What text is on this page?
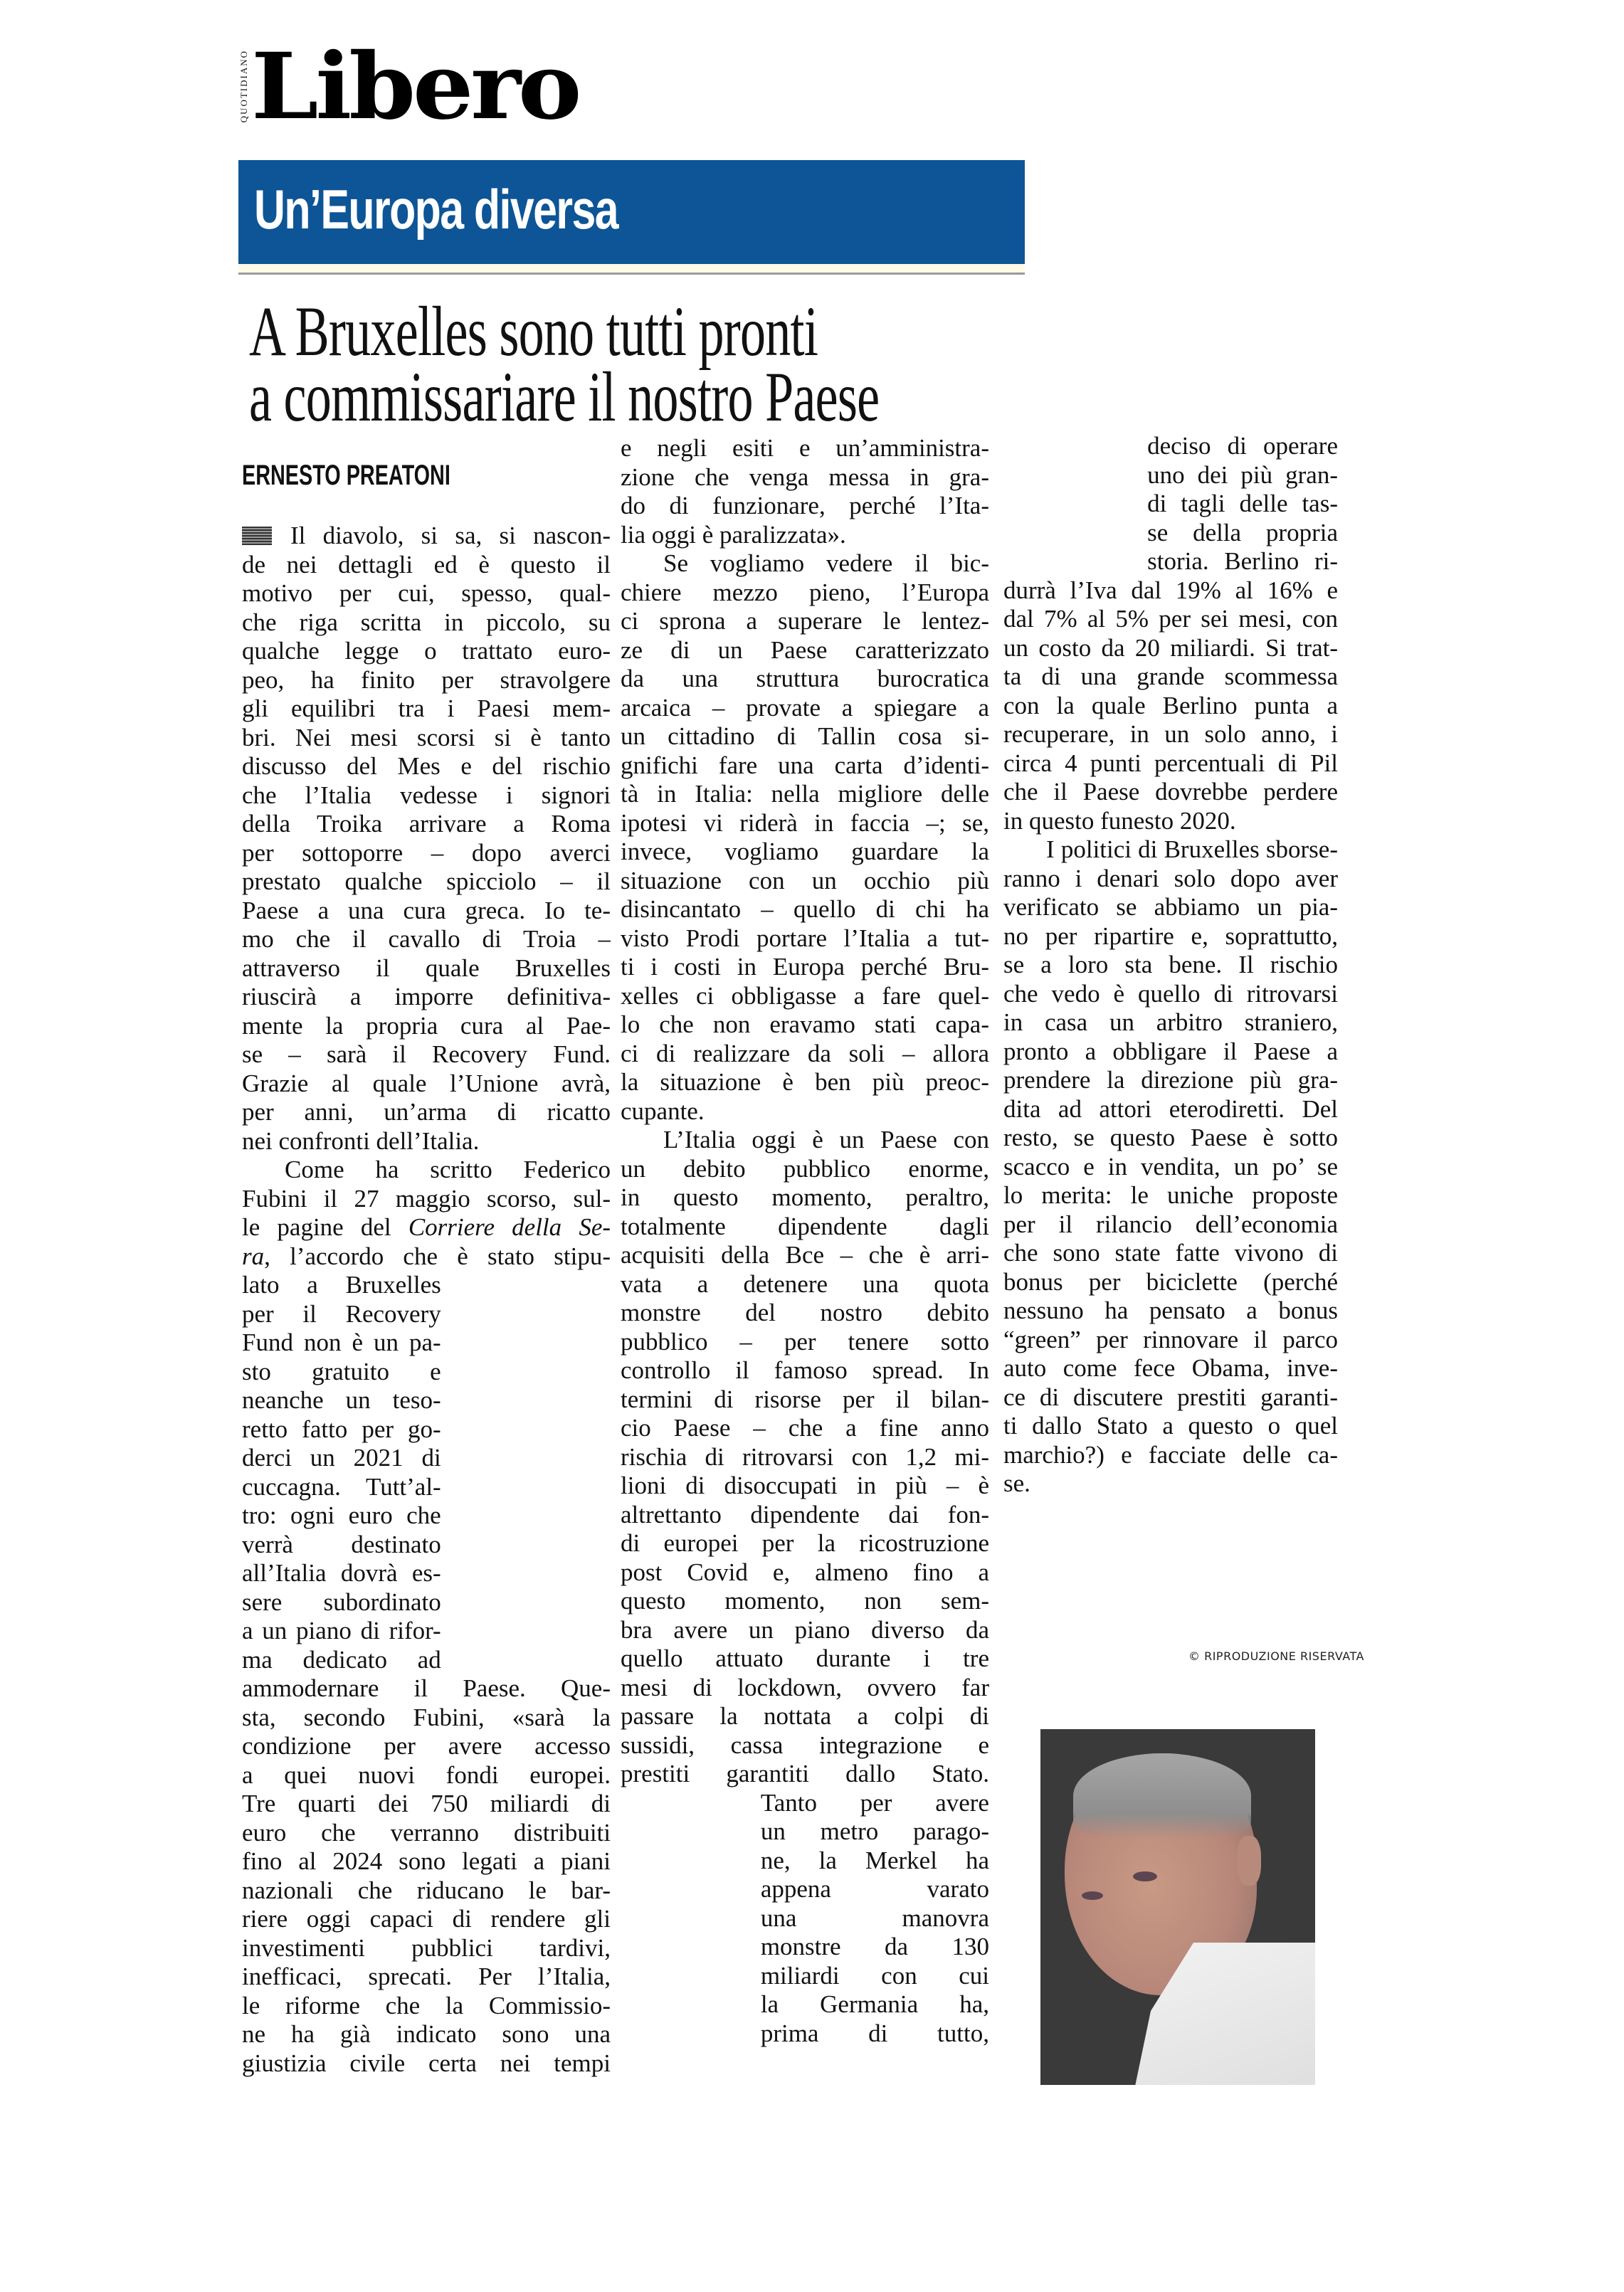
QUOTIDIANO Libero
Un’Europa diversa
A Bruxelles sono tutti pronti
a commissariare il nostro Paese
ERNESTO PREATONI
Il diavolo, si sa, si nascon-
de nei dettagli ed è questo il
motivo per cui, spesso, qual-
che riga scritta in piccolo, su
qualche legge o trattato euro-
peo, ha finito per stravolgere
gli equilibri tra i Paesi mem-
bri. Nei mesi scorsi si è tanto
discusso del Mes e del rischio
che l’Italia vedesse i signori
della Troika arrivare a Roma
per sottoporre – dopo averci
prestato qualche spicciolo – il
Paese a una cura greca. Io te-
mo che il cavallo di Troia –
attraverso il quale Bruxelles
riuscirà a imporre definitiva-
mente la propria cura al Pae-
se – sarà il Recovery Fund.
Grazie al quale l’Unione avrà,
per anni, un’arma di ricatto
nei confronti dell’Italia.
Come ha scritto Federico
Fubini il 27 maggio scorso, sul-
le pagine del Corriere della Se-
ra, l’accordo che è stato stipu-
lato a Bruxelles
per il Recovery
Fund non è un pa-
sto gratuito e
neanche un teso-
retto fatto per go-
derci un 2021 di
cuccagna. Tutt’al-
tro: ogni euro che
verrà destinato
all’Italia dovrà es-
sere subordinato
a un piano di rifor-
ma dedicato ad
ammodernare il Paese. Que-
sta, secondo Fubini, «sarà la
condizione per avere accesso
a quei nuovi fondi europei.
Tre quarti dei 750 miliardi di
euro che verranno distribuiti
fino al 2024 sono legati a piani
nazionali che riducano le bar-
riere oggi capaci di rendere gli
investimenti pubblici tardivi,
inefficaci, sprecati. Per l’Italia,
le riforme che la Commissio-
ne ha già indicato sono una
giustizia civile certa nei tempi
e negli esiti e un’amministra-
zione che venga messa in gra-
do di funzionare, perché l’Ita-
lia oggi è paralizzata».
Se vogliamo vedere il bic-
chiere mezzo pieno, l’Europa
ci sprona a superare le lentez-
ze di un Paese caratterizzato
da una struttura burocratica
arcaica – provate a spiegare a
un cittadino di Tallin cosa si-
gnifichi fare una carta d’identi-
tà in Italia: nella migliore delle
ipotesi vi riderà in faccia –; se,
invece, vogliamo guardare la
situazione con un occhio più
disincantato – quello di chi ha
visto Prodi portare l’Italia a tut-
ti i costi in Europa perché Bru-
xelles ci obbligasse a fare quel-
lo che non eravamo stati capa-
ci di realizzare da soli – allora
la situazione è ben più preoc-
cupante.
L’Italia oggi è un Paese con
un debito pubblico enorme,
in questo momento, peraltro,
totalmente dipendente dagli
acquisiti della Bce – che è arri-
vata a detenere una quota
monstre del nostro debito
pubblico – per tenere sotto
controllo il famoso spread. In
termini di risorse per il bilan-
cio Paese – che a fine anno
rischia di ritrovarsi con 1,2 mi-
lioni di disoccupati in più – è
altrettanto dipendente dai fon-
di europei per la ricostruzione
post Covid e, almeno fino a
questo momento, non sem-
bra avere un piano diverso da
quello attuato durante i tre
mesi di lockdown, ovvero far
passare la nottata a colpi di
sussidi, cassa integrazione e
prestiti garantiti dallo Stato.
Tanto per avere
un metro parago-
ne, la Merkel ha
appena varato
una manovra
monstre da 130
miliardi con cui
la Germania ha,
prima di tutto,
deciso di operare
uno dei più gran-
di tagli delle tas-
se della propria
storia. Berlino ri-
durrà l’Iva dal 19% al 16% e
dal 7% al 5% per sei mesi, con
un costo da 20 miliardi. Si trat-
ta di una grande scommessa
con la quale Berlino punta a
recuperare, in un solo anno, i
circa 4 punti percentuali di Pil
che il Paese dovrebbe perdere
in questo funesto 2020.
I politici di Bruxelles sborse-
ranno i denari solo dopo aver
verificato se abbiamo un pia-
no per ripartire e, soprattutto,
se a loro sta bene. Il rischio
che vedo è quello di ritrovarsi
in casa un arbitro straniero,
pronto a obbligare il Paese a
prendere la direzione più gra-
dita ad attori eterodiretti. Del
resto, se questo Paese è sotto
scacco e in vendita, un po’ se
lo merita: le uniche proposte
per il rilancio dell’economia
che sono state fatte vivono di
bonus per biciclette (perché
nessuno ha pensato a bonus
“green” per rinnovare il parco
auto come fece Obama, inve-
ce di discutere prestiti garanti-
ti dallo Stato a questo o quel
marchio?) e facciate delle ca-
se.
© RIPRODUZIONE RISERVATA
